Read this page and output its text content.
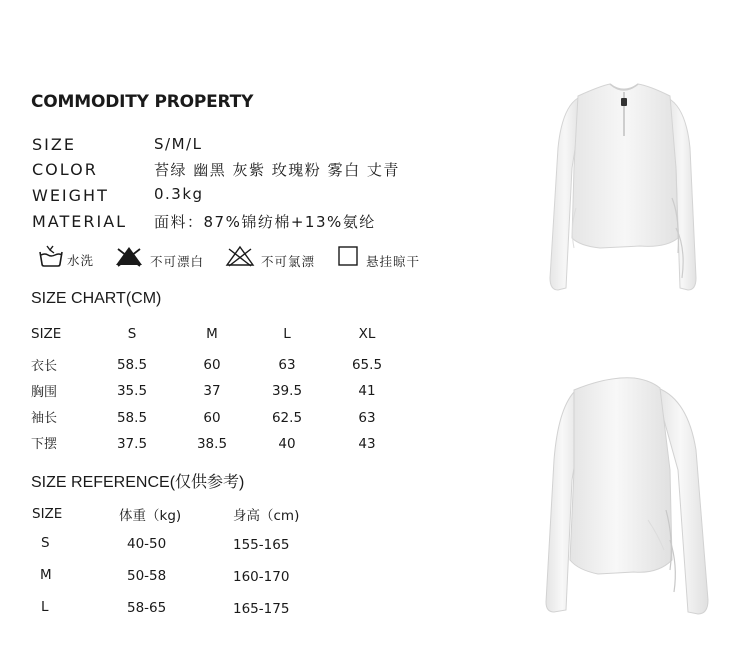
COMMODITY PROPERTY
SIZE	S/M/L
COLOR	苔绿 幽黑 灰紫 玫瑰粉 雾白 丈青
WEIGHT	0.3kg
MATERIAL 面料：87%锦纺棉+13%氨纶
水洗	不可漂白	不可氯漂	悬挂晾干
SIZE CHART(CM)
SIZE	S	M	L	XL
衣长	58.5	60	63	65.5
胸围	35.5	37	39.5	41
袖长	58.5	60	62.5	63
下摆	37.5	38.5	40	43
SIZE REFERENCE(仅供参考)
SIZE	体重（kg)	身高（cm)
S	40-50	155-165
M	50-58	160-170
L	58-65	165-175
